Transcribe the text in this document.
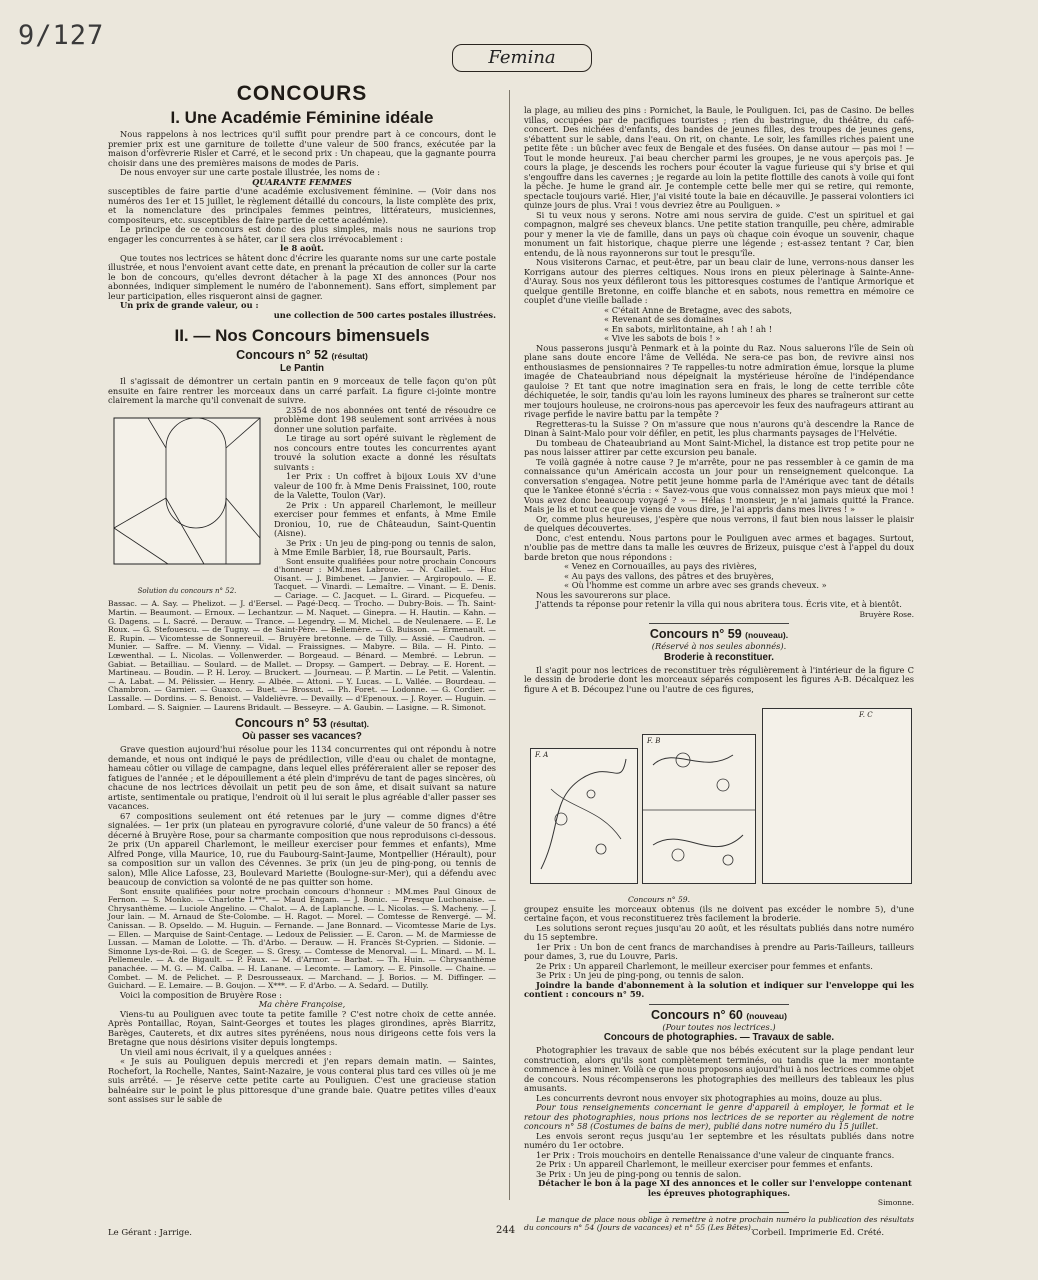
9/127
Femina
CONCOURS
I. Une Académie Féminine idéale

Nous rappelons à nos lectrices qu'il suffit pour prendre part à ce concours, dont le premier prix est une garniture de toilette d'une valeur de 500 francs, exécutée par la maison d'orfèvrerie Risler et Carré, et le second prix : Un chapeau, que la gagnante pourra choisir dans une des premières maisons de modes de Paris.

De nous envoyer sur une carte postale illustrée, les noms de :

QUARANTE FEMMES

susceptibles de faire partie d'une académie exclusivement féminine. — (Voir dans nos numéros des 1er et 15 juillet, le règlement détaillé du concours, la liste complète des prix, et la nomenclature des principales femmes peintres, littérateurs, musiciennes, compositeurs, etc. susceptibles de faire partie de cette académie).

Le principe de ce concours est donc des plus simples, mais nous ne saurions trop engager les concurrentes à se hâter, car il sera clos irrévocablement :

le 8 août.

Que toutes nos lectrices se hâtent donc d'écrire les quarante noms sur une carte postale illustrée, et nous l'envoient avant cette date, en prenant la précaution de coller sur la carte le bon de concours, qu'elles devront détacher à la page XI des annonces (Pour nos abonnées, indiquer simplement le numéro de l'abonnement). Sans effort, simplement par leur participation, elles risqueront ainsi de gagner.

Un prix de grande valeur, ou :

une collection de 500 cartes postales illustrées.
II. — Nos Concours bimensuels
Concours n° 52 (résultat)
Le Pantin

Il s'agissait de démontrer un certain pantin en 9 morceaux de telle façon qu'on pût ensuite en faire rentrer les morceaux dans un carré parfait. La figure ci-jointe montre clairement la marche qu'il convenait de suivre.

Solution du concours n° 52.

2354 de nos abonnées ont tenté de résoudre ce problème dont 198 seulement sont arrivées à nous donner une solution parfaite.

Le tirage au sort opéré suivant le règlement de nos concours entre toutes les concurrentes ayant trouvé la solution exacte a donné les résultats suivants :

1er Prix : Un coffret à bijoux Louis XV d'une valeur de 100 fr. à Mme Denis Fraissinet, 100, route de la Valette, Toulon (Var).

2e Prix : Un appareil Charlemont, le meilleur exerciser pour femmes et enfants, à Mme Emile Droniou, 10, rue de Châteaudun, Saint-Quentin (Aisne).

3e Prix : Un jeu de ping-pong ou tennis de salon, à Mme Emile Barbier, 18, rue Boursault, Paris.

Sont ensuite qualifiées pour notre prochain Concours d'honneur : MM.mes Labroue. — N. Caillet. — Huc Oisant. — J. Bimbenet. — Janvier. — Argiropoulo. — E. Tacquet. — Vinardi. — Lemaître. — Vinant. — E. Denis. — Cariage. — C. Jacquet. — L. Girard. — Picquefeu. — Bassac. — A. Say. — Phelizot. — J. d'Eersel. — Pagé-Decq. — Trocho. — Dubry-Bois. — Th. Saint-Martin. — Beaumont. — Ernoux. — Lechantzur. — M. Naquet. — Ginepra. — H. Hautin. — Kahn. — G. Dagens. — L. Sacré. — Derauw. — Trance. — Legendry. — M. Michel. — de Neulenaere. — E. Le Roux. — G. Stefouescu. — de Tugny. — de Saint-Père. — Bellemère. — G. Buisson. — Ermenault. — E. Rupin. — Vicomtesse de Sonnereuil. — Bruyère bretonne. — de Tilly. — Assié. — Caudron. — Munier. — Saffre. — M. Vienny. — Vidal. — Fraissignes. — Mabyre. — Bila. — H. Pinto. — Lœwenthal. — L. Nicolas. — Vollenwerder. — Borgeaud. — Bénard. — Membré. — Lebrun. — Gabiat. — Betailliau. — Soulard. — de Mallet. — Dropsy. — Gampert. — Debray. — E. Horent. — Martineau. — Boudin. — P. H. Leroy. — Bruckert. — Journeau. — P. Martin. — Le Petit. — Valentin. — A. Labat. — M. Pélissier. — Henry. — Albée. — Attoni. — Y. Lucas. — L. Vallée. — Bourdeau. — Chambron. — Garnier. — Guaxco. — Buet. — Brossut. — Ph. Foret. — Lodonne. — G. Cordier. — Lassalle. — Dordins. — S. Benoist. — Valdelièvre. — Devailly. — d'Epenoux. — J. Royer. — Huguin. — Lombard. — S. Saignier. — Laurens Bridault. — Besseyre. — A. Gaubin. — Lasigne. — R. Simonot.

Concours n° 53 (résultat).
Où passer ses vacances?

Grave question aujourd'hui résolue pour les 1134 concurrentes qui ont répondu à notre demande, et nous ont indiqué le pays de prédilection, ville d'eau ou chalet de montagne, hameau côtier ou village de campagne, dans lequel elles préféreraient aller se reposer des fatigues de l'année ; et le dépouillement a été plein d'imprévu de tant de pages sincères, où chacune de nos lectrices dévoilait un petit peu de son âme, et disait suivant sa nature artiste, sentimentale ou pratique, l'endroit où il lui serait le plus agréable d'aller passer ses vacances.

67 compositions seulement ont été retenues par le jury — comme dignes d'être signalées. — 1er prix (un plateau en pyrogravure colorié, d'une valeur de 50 francs) a été décerné à Bruyère Rose, pour sa charmante composition que nous reproduisons ci-dessous. 2e prix (Un appareil Charlemont, le meilleur exerciser pour femmes et enfants), Mme Alfred Ponge, villa Maurice, 10, rue du Faubourg-Saint-Jaume, Montpellier (Hérault), pour sa composition sur un vallon des Cévennes. 3e prix (un jeu de ping-pong, ou tennis de salon), Mlle Alice Lafosse, 23, Boulevard Mariette (Boulogne-sur-Mer), qui a défendu avec beaucoup de conviction sa volonté de ne pas quitter son home.

Sont ensuite qualifiées pour notre prochain concours d'honneur : MM.mes Paul Ginoux de Fernon. — S. Monko. — Charlotte I.***. — Maud Engam. — J. Bonic. — Presque Luchonaise. — Chrysanthème. — Luciole Angelino. — Chalot. — A. de Laplanche. — L. Nicolas. — S. Macheny. — J. Jour lain. — M. Arnaud de Ste-Colombe. — H. Ragot. — Morel. — Comtesse de Renvergé. — M. Canissan. — B. Opseldo. — M. Huguin. — Fernande. — Jane Bonnard. — Vicomtesse Marie de Lys. — Ellen. — Marquise de Saint-Centage. — Ledoux de Pelissier. — E. Caron. — M. de Marmiesse de Lussan. — Maman de Lolotte. — Th. d'Arbo. — Derauw. — H. Francès St-Cyprien. — Sidonie. — Simonne Lys-de-Roi. — G. de Sceger. — S. Gresy. — Comtesse de Menorval. — L. Minard. — M. L. Pellemeule. — A. de Bigault. — P. Faux. — M. d'Armor. — Barbat. — Th. Huin. — Chrysanthème panachée. — M. G. — M. Calba. — H. Lanane. — Lecomte. — Lamory. — E. Pinsolle. — Chaine. — Combet. — M. de Pelichet. — P. Desrousseaux. — Marchand. — J. Borios. — M. Diffinger. — Guichard. — E. Lemaire. — B. Goujon. — X***. — F. d'Arbo. — A. Sedard. — Dutilly.

Voici la composition de Bruyère Rose :

Ma chère Françoise,

Viens-tu au Pouliguen avec toute ta petite famille ? C'est notre choix de cette année. Après Pontaillac, Royan, Saint-Georges et toutes les plages girondines, après Biarritz, Barèges, Cauterets, et dix autres sites pyrénéens, nous nous dirigeons cette fois vers la Bretagne que nous désirions visiter depuis longtemps.

Un vieil ami nous écrivait, il y a quelques années :

« Je suis au Pouliguen depuis mercredi et j'en repars demain matin. — Saintes, Rochefort, la Rochelle, Nantes, Saint-Nazaire, je vous conterai plus tard ces villes où je me suis arrêté. — Je réserve cette petite carte au Pouliguen. C'est une gracieuse station balnéaire sur le point le plus pittoresque d'une grande baie. Quatre petites villes d'eaux sont assises sur le sable de

la plage, au milieu des pins : Pornichet, la Baule, le Pouliguen. Ici, pas de Casino. De belles villas, occupées par de pacifiques touristes ; rien du bastringue, du théâtre, du café-concert. Des nichées d'enfants, des bandes de jeunes filles, des troupes de jeunes gens, s'ébattent sur le sable, dans l'eau. On rit, on chante. Le soir, les familles riches paient une petite fête : un bûcher avec feux de Bengale et des fusées. On danse autour — pas moi ! — Tout le monde heureux. J'ai beau chercher parmi les groupes, je ne vous aperçois pas. Je cours la plage, je descends les rochers pour écouter la vague furieuse qui s'y brise et qui s'engouffre dans les cavernes ; je regarde au loin la petite flottille des canots à voile qui font la pêche. Je hume le grand air. Je contemple cette belle mer qui se retire, qui remonte, spectacle toujours varié. Hier, j'ai visité toute la baie en décauville. Je passerai volontiers ici quinze jours de plus. Vrai ! vous devriez être au Pouliguen. »

Si tu veux nous y serons. Notre ami nous servira de guide. C'est un spirituel et gai compagnon, malgré ses cheveux blancs. Une petite station tranquille, peu chère, admirable pour y mener la vie de famille, dans un pays où chaque coin évoque un souvenir, chaque monument un fait historique, chaque pierre une légende ; est-assez tentant ? Car, bien entendu, de là nous rayonnerons sur tout le presqu'île.

Nous visiterons Carnac, et peut-être, par un beau clair de lune, verrons-nous danser les Korrigans autour des pierres celtiques. Nous irons en pieux pèlerinage à Sainte-Anne-d'Auray. Sous nos yeux défileront tous les pittoresques costumes de l'antique Armorique et quelque gentille Bretonne, en coiffe blanche et en sabots, nous remettra en mémoire ce couplet d'une vieille ballade :

« C'était Anne de Bretagne, avec des sabots,
« Revenant de ses domaines
« En sabots, mirlitontaine, ah ! ah ! ah !
« Vive les sabots de bois ! »

Nous passerons jusqu'à Penmark et à la pointe du Raz. Nous saluerons l'île de Sein où plane sans doute encore l'âme de Velléda. Ne sera-ce pas bon, de revivre ainsi nos enthousiasmes de pensionnaires ? Te rappelles-tu notre admiration émue, lorsque la plume imagée de Chateaubriand nous dépeignait la mystérieuse héroïne de l'indépendance gauloise ? Et tant que notre imagination sera en frais, le long de cette terrible côte déchiquetée, le soir, tandis qu'au loin les rayons lumineux des phares se traîneront sur cette mer toujours houleuse, ne croirons-nous pas apercevoir les feux des naufrageurs attirant au rivage perfide le navire battu par la tempête ?

Regretteras-tu la Suisse ? On m'assure que nous n'aurons qu'à descendre la Rance de Dinan à Saint-Malo pour voir défiler, en petit, les plus charmants paysages de l'Helvétie.

Du tombeau de Chateaubriand au Mont Saint-Michel, la distance est trop petite pour ne pas nous laisser attirer par cette excursion peu banale.

Te voilà gagnée à notre cause ? Je m'arrête, pour ne pas ressembler à ce gamin de ma connaissance qu'un Américain accosta un jour pour un renseignement quelconque. La conversation s'engagea. Notre petit jeune homme parla de l'Amérique avec tant de détails que le Yankee étonné s'écria : « Savez-vous que vous connaissez mon pays mieux que moi ! Vous avez donc beaucoup voyagé ? » — Hélas ! monsieur, je n'ai jamais quitté la France. Mais je lis et tout ce que je viens de vous dire, je l'ai appris dans mes livres ! »

Or, comme plus heureuses, j'espère que nous verrons, il faut bien nous laisser le plaisir de quelques découvertes.

Donc, c'est entendu. Nous partons pour le Pouliguen avec armes et bagages. Surtout, n'oublie pas de mettre dans ta malle les œuvres de Brizeux, puisque c'est à l'appel du doux barde breton que nous répondons :

« Venez en Cornouailles, au pays des rivières,
« Au pays des vallons, des pâtres et des bruyères,
« Où l'homme est comme un arbre avec ses grands cheveux. »

Nous les savourerons sur place.

J'attends ta réponse pour retenir la villa qui nous abritera tous. Écris vite, et à bientôt.

Bruyère Rose.
Concours n° 59 (nouveau).
(Réservé à nos seules abonnés).
Broderie à reconstituer.

Il s'agit pour nos lectrices de reconstituer très régulièrement à l'intérieur de la figure C le dessin de broderie dont les morceaux séparés composent les figures A-B. Décalquez les figure A et B. Découpez l'une ou l'autre de ces figures,

F. A
F. B
F. C
Concours n° 59.

groupez ensuite les morceaux obtenus (ils ne doivent pas excéder le nombre 5), d'une certaine façon, et vous reconstituerez très facilement la broderie.

Les solutions seront reçues jusqu'au 20 août, et les résultats publiés dans notre numéro du 15 septembre.

1er Prix : Un bon de cent francs de marchandises à prendre au Paris-Tailleurs, tailleurs pour dames, 3, rue du Louvre, Paris.

2e Prix : Un appareil Charlemont, le meilleur exerciser pour femmes et enfants.

3e Prix : Un jeu de ping-pong, ou tennis de salon.

Joindre la bande d'abonnement à la solution et indiquer sur l'enveloppe qui les contient : concours n° 59.

Concours n° 60 (nouveau)
(Pour toutes nos lectrices.)
Concours de photographies. — Travaux de sable.

Photographier les travaux de sable que nos bébés exécutent sur la plage pendant leur construction, alors qu'ils sont complètement terminés, ou tandis que la mer montante commence à les miner. Voilà ce que nous proposons aujourd'hui à nos lectrices comme objet de concours. Nous récompenserons les photographies des meilleurs des tableaux les plus amusants.

Les concurrents devront nous envoyer six photographies au moins, douze au plus.

Pour tous renseignements concernant le genre d'appareil à employer, le format et le retour des photographies, nous prions nos lectrices de se reporter au règlement de notre concours n° 58 (Costumes de bains de mer), publié dans notre numéro du 15 juillet.

Les envois seront reçus jusqu'au 1er septembre et les résultats publiés dans notre numéro du 1er octobre.

1er Prix : Trois mouchoirs en dentelle Renaissance d'une valeur de cinquante francs.

2e Prix : Un appareil Charlemont, le meilleur exerciser pour femmes et enfants.

3e Prix : Un jeu de ping-pong ou tennis de salon.

Détacher le bon à la page XI des annonces et le coller sur l'enveloppe contenant les épreuves photographiques.

Simonne.

Le manque de place nous oblige à remettre à notre prochain numéro la publication des résultats du concours n° 54 (Jours de vacances) et n° 55 (Les Bêtes).

Le Gérant : Jarrige.	244	Corbeil. Imprimerie Ed. Crété.
